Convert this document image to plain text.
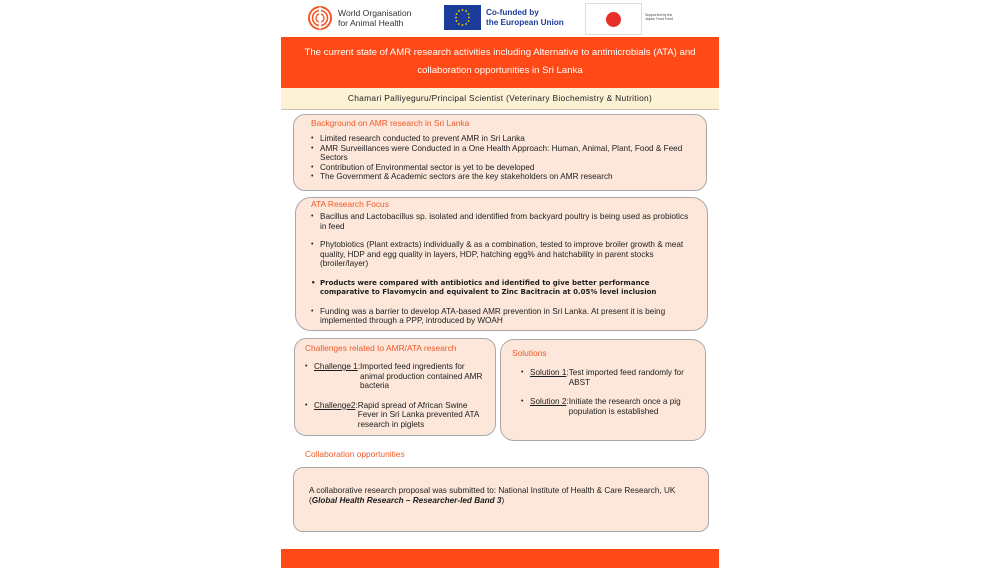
World Organisation
for Animal Health
Co-funded by
the European Union
Supported by the
Japan Trust Fund
The current state of AMR research activities including Alternative to antimicrobials (ATA) and
collaboration opportunities in Sri Lanka
Chamari Palliyeguru/Principal Scientist (Veterinary Biochemistry & Nutrition)
Background on AMR research in Sri Lanka
• Limited research conducted to prevent AMR in Sri Lanka
• AMR Surveillances were Conducted in a One Health Approach: Human, Animal, Plant, Food & Feed Sectors
• Contribution of Environmental sector is yet to be developed
• The Government & Academic sectors are the key stakeholders on AMR research
ATA Research Focus
• Bacillus and Lactobacillus sp. isolated and identified from backyard poultry is being used as probiotics in feed
• Phytobiotics (Plant extracts) individually & as a combination, tested to improve broiler growth & meat quality, HDP and egg quality in layers, HDP, hatching egg% and hatchability in parent stocks (broiler/layer)
• Products were compared with antibiotics and identified to give better performance comparative to Flavomycin and equivalent to Zinc Bacitracin at 0.05% level inclusion
• Funding was a barrier to develop ATA-based AMR prevention in Sri Lanka. At present it is being implemented through a PPP, introduced by WOAH
Challenges related to AMR/ATA research
• Challenge 1: Imported feed ingredients for animal production contained AMR bacteria
• Challenge2: Rapid spread of African Swine Fever in Sri Lanka prevented ATA research in piglets
Solutions
• Solution 1: Test imported feed randomly for ABST
• Solution 2: Initiate the research once a pig population is established
Collaboration opportunities
A collaborative research proposal was submitted to: National Institute of Health & Care Research, UK (Global Health Research – Researcher-led Band 3)
